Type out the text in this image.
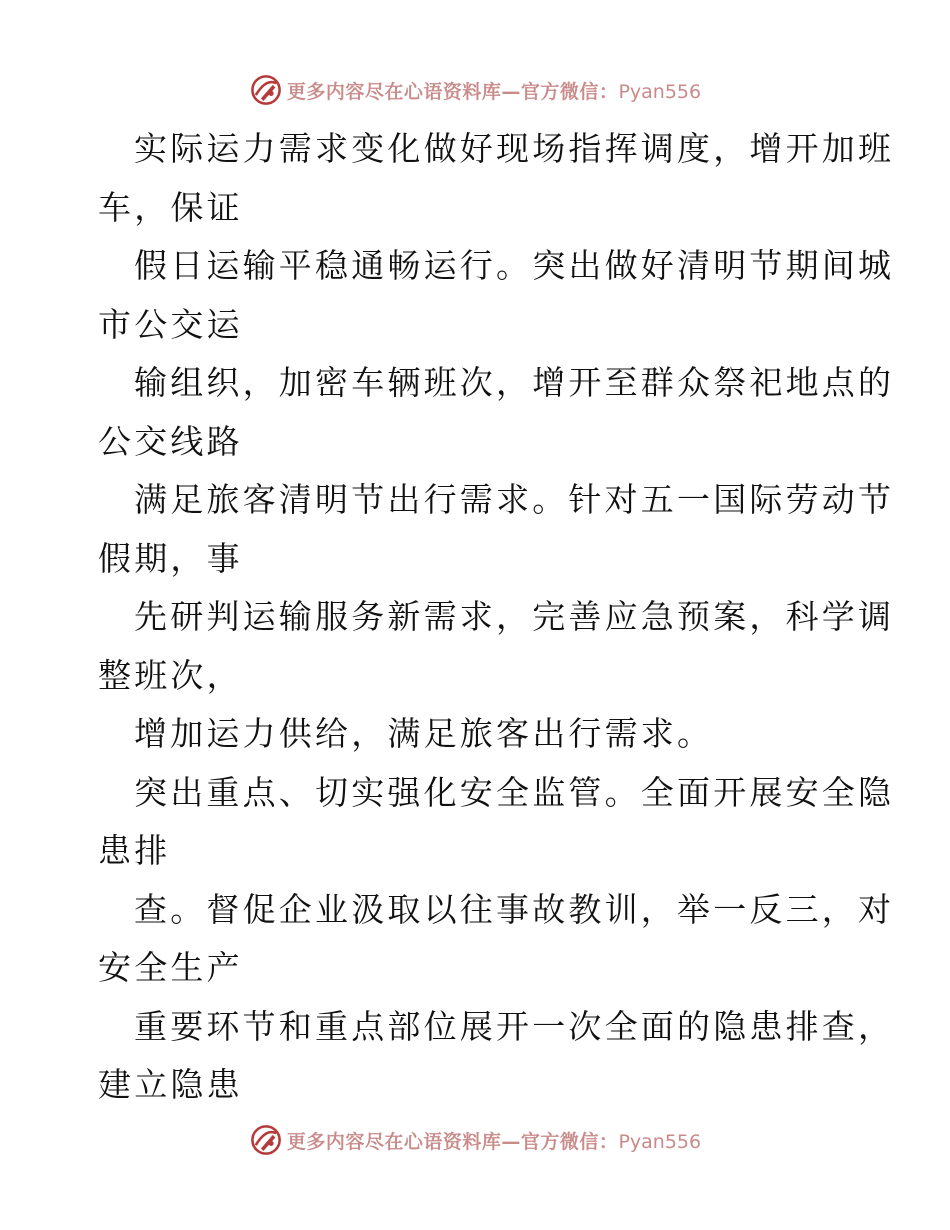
更多内容尽在心语资料库—官方微信：Pyan556
实际运力需求变化做好现场指挥调度，增开加班
车，保证
假日运输平稳通畅运行。突出做好清明节期间城
市公交运
输组织，加密车辆班次，增开至群众祭祀地点的
公交线路
满足旅客清明节出行需求。针对五一国际劳动节
假期，事
先研判运输服务新需求，完善应急预案，科学调
整班次，
增加运力供给，满足旅客出行需求。
突出重点、切实强化安全监管。全面开展安全隐
患排
查。督促企业汲取以往事故教训，举一反三，对
安全生产
重要环节和重点部位展开一次全面的隐患排查，
建立隐患
更多内容尽在心语资料库—官方微信：Pyan556
